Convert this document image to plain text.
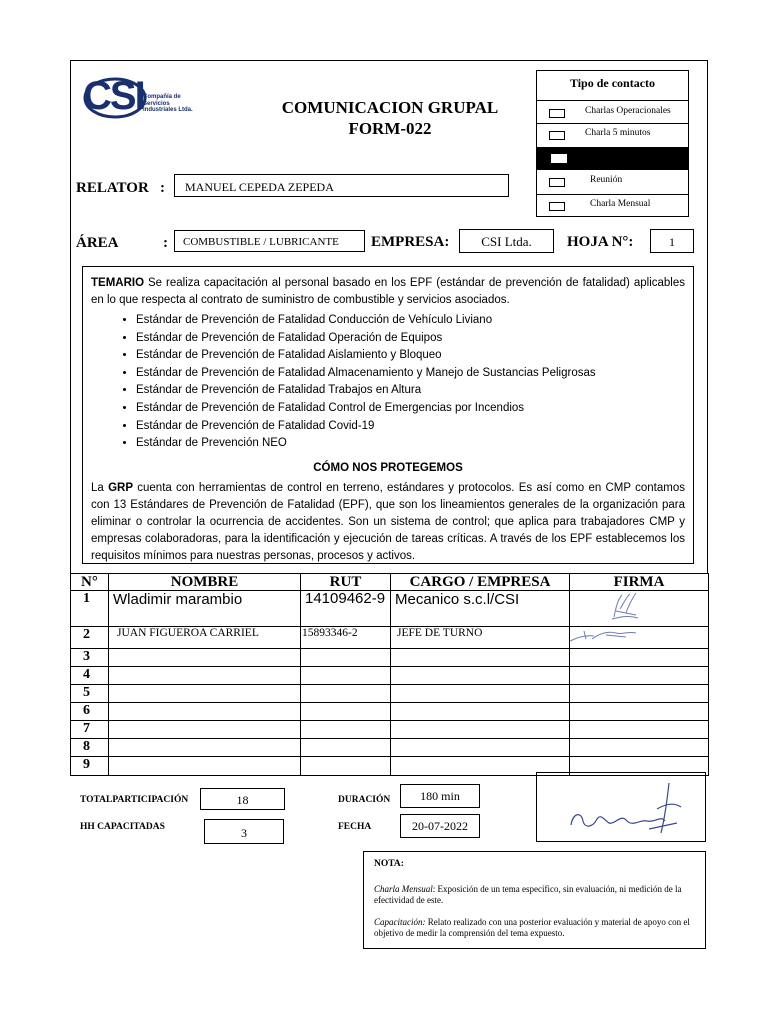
CSI Compañía de
Servicios
Industriales Ltda.	COMUNICACION GRUPAL
FORM-022
Tipo de contacto
Charlas Operacionales
Charla 5 minutos
Reunión
Charla Mensual
RELATOR :	MANUEL CEPEDA ZEPEDA
ÁREA	:	COMBUSTIBLE / LUBRICANTE	EMPRESA:	CSI Ltda.	HOJA N°:	1
TEMARIO Se realiza capacitación al personal basado en los EPF (estándar de prevención de fatalidad) aplicables en lo que respecta al contrato de suministro de combustible y servicios asociados.
• Estándar de Prevención de Fatalidad Conducción de Vehículo Liviano
• Estándar de Prevención de Fatalidad Operación de Equipos
• Estándar de Prevención de Fatalidad Aislamiento y Bloqueo
• Estándar de Prevención de Fatalidad Almacenamiento y Manejo de Sustancias Peligrosas
• Estándar de Prevención de Fatalidad Trabajos en Altura
• Estándar de Prevención de Fatalidad Control de Emergencias por Incendios
• Estándar de Prevención de Fatalidad Covid-19
• Estándar de Prevención NEO
CÓMO NOS PROTEGEMOS
La GRP cuenta con herramientas de control en terreno, estándares y protocolos. Es así como en CMP contamos con 13 Estándares de Prevención de Fatalidad (EPF), que son los lineamientos generales de la organización para eliminar o controlar la ocurrencia de accidentes. Son un sistema de control; que aplica para trabajadores CMP y empresas colaboradoras, para la identificación y ejecución de tareas críticas. A través de los EPF establecemos los requisitos mínimos para nuestras personas, procesos y activos.
N°	NOMBRE	RUT	CARGO / EMPRESA	FIRMA
1	Wladimir marambio	14109462-9	Mecanico s.c.l/CSI	
2	JUAN FIGUEROA CARRIEL	15893346-2	JEFE DE TURNO	
3				
4				
5				
6				
7				
8				
9				
TOTALPARTICIPACIÓN	18
HH CAPACITADAS	3
DURACIÓN	180 min
FECHA	20-07-2022
NOTA:
Charla Mensual: Exposición de un tema específico, sin evaluación, ni medición de la efectividad de este.
Capacitación: Relato realizado con una posterior evaluación y material de apoyo con el objetivo de medir la comprensión del tema expuesto.
